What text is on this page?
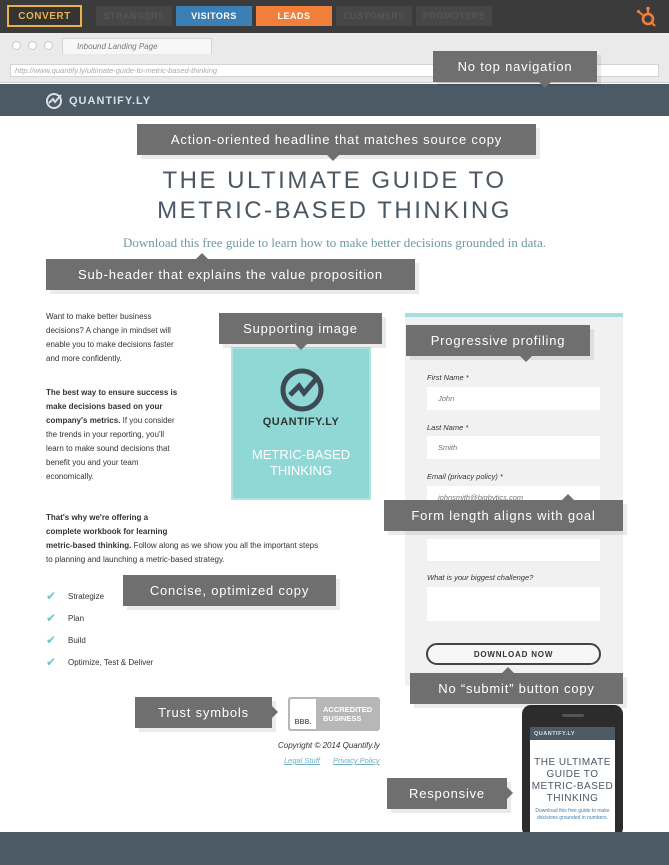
CONVERT	STRANGERS	VISITORS	LEADS	CUSTOMERS	PROMOTERS
Inbound Landing Page
http://www.quantify.ly/ultimate-guide-to-metric-based-thinking
QUANTIFY.LY
THE ULTIMATE GUIDE TO
METRIC-BASED THINKING
Download this free guide to learn how to make better decisions grounded in data.
Want to make better business
decisions? A change in mindset will
enable you to make decisions faster
and more confidently.
The best way to ensure success is
make decisions based on your
company's metrics. If you consider
the trends in your reporting, you'll
learn to make sound decisions that
benefit you and your team
economically.
That's why we're offering a
complete workbook for learning
metric-based thinking. Follow along as we show you all the important steps
to planning and launching a metric-based strategy.
✔	Strategize
✔	Plan
✔	Build
✔	Optimize, Test & Deliver
QUANTIFY.LY
METRIC-BASED
THINKING
First Name *
John
Last Name *
Smith
Email (privacy policy) *
johnsmith@bigbytics.com
What is your biggest challenge?
DOWNLOAD NOW
BBB.
ACCREDITED
BUSINESS
Copyright © 2014 Quantify.ly
Legal Stuff Privacy Policy
QUANTIFY.LY
THE ULTIMATE
GUIDE TO
METRIC-BASED
THINKING
Download this free guide to make
decisions grounded in numbers.
No top navigation
Action-oriented headline that matches source copy
Sub-header that explains the value proposition
Supporting image
Progressive profiling
Form length aligns with goal
Concise, optimized copy
No “submit” button copy
Trust symbols
Responsive
